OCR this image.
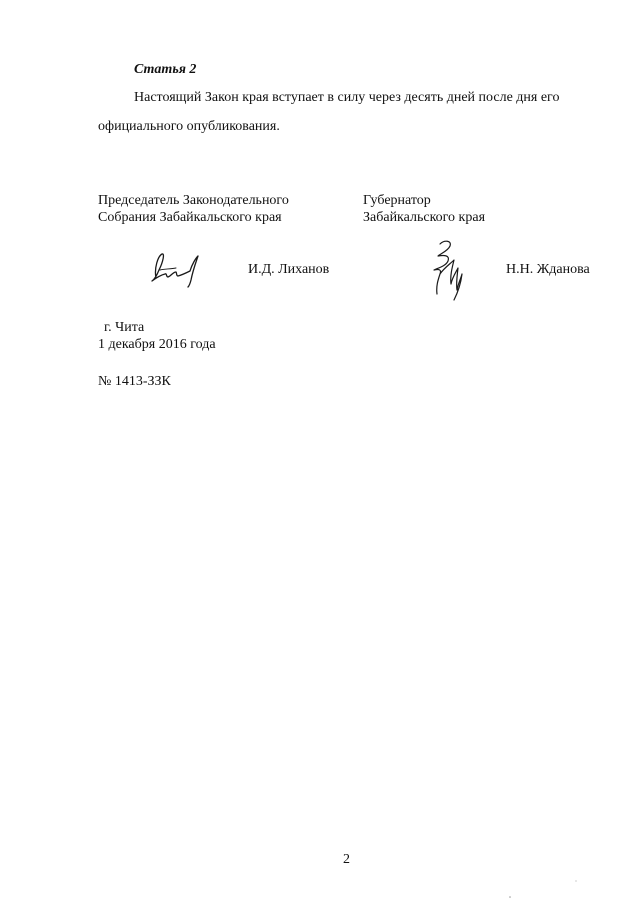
Статья 2
Настоящий Закон края вступает в силу через десять дней после дня его
официального опубликования.
Председатель Законодательного
Собрания Забайкальского края
Губернатор
Забайкальского края
И.Д. Лиханов	Н.Н. Жданова
г. Чита
1 декабря 2016 года
№ 1413-ЗЗК
2
